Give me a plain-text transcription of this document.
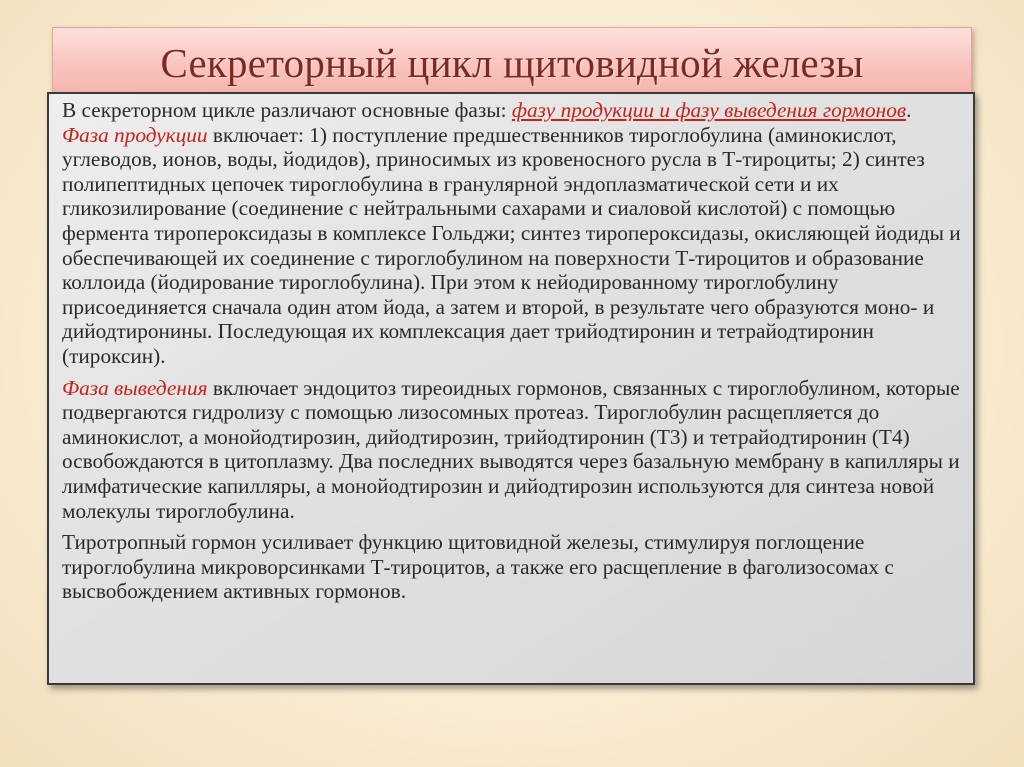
Секреторный цикл щитовидной железы

В секреторном цикле различают основные фазы: фазу продукции и фазу выведения гормонов. Фаза продукции включает: 1) поступление предшественников тироглобулина (аминокислот, углеводов, ионов, воды, йодидов), приносимых из кровеносного русла в Т-тироциты; 2) синтез полипептидных цепочек тироглобулина в гранулярной эндоплазматической сети и их гликозилирование (соединение с нейтральными сахарами и сиаловой кислотой) с помощью фермента тиропероксидазы в комплексе Гольджи; синтез тиропероксидазы, окисляющей йодиды и обеспечивающей их соединение с тироглобулином на поверхности Т-тироцитов и образование коллоида (йодирование тироглобулина). При этом к нейодированному тироглобулину присоединяется сначала один атом йода, а затем и второй, в результате чего образуются моно- и дийодтиронины. Последующая их комплексация дает трийодтиронин и тетрайодтиронин (тироксин).

Фаза выведения включает эндоцитоз тиреоидных гормонов, связанных с тироглобулином, которые подвергаются гидролизу с помощью лизосомных протеаз. Тироглобулин расщепляется до аминокислот, а монойодтирозин, дийодтирозин, трийодтиронин (Т3) и тетрайодтиронин (Т4) освобождаются в цитоплазму. Два последних выводятся через базальную мембрану в капилляры и лимфатические капилляры, а монойодтирозин и дийодтирозин используются для синтеза новой молекулы тироглобулина.

Тиротропный гормон усиливает функцию щитовидной железы, стимулируя поглощение тироглобулина микроворсинками Т-тироцитов, а также его расщепление в фаголизосомах с высвобождением активных гормонов.
